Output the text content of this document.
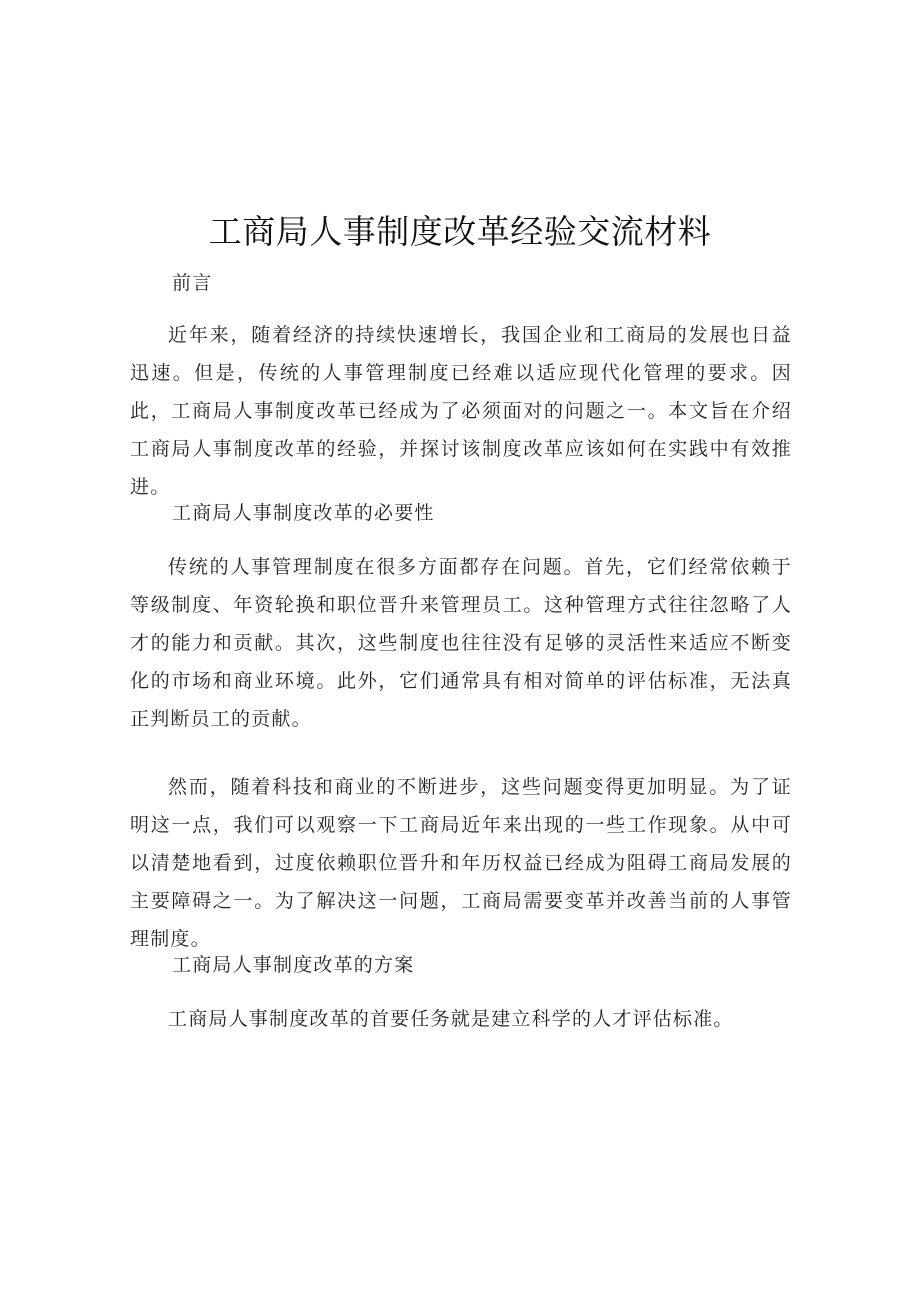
工商局人事制度改革经验交流材料

前言

近年来，随着经济的持续快速增长，我国企业和工商局的发展也日益迅速。但是，传统的人事管理制度已经难以适应现代化管理的要求。因此，工商局人事制度改革已经成为了必须面对的问题之一。本文旨在介绍工商局人事制度改革的经验，并探讨该制度改革应该如何在实践中有效推进。

工商局人事制度改革的必要性

传统的人事管理制度在很多方面都存在问题。首先，它们经常依赖于等级制度、年资轮换和职位晋升来管理员工。这种管理方式往往忽略了人才的能力和贡献。其次，这些制度也往往没有足够的灵活性来适应不断变化的市场和商业环境。此外，它们通常具有相对简单的评估标准，无法真正判断员工的贡献。

然而，随着科技和商业的不断进步，这些问题变得更加明显。为了证明这一点，我们可以观察一下工商局近年来出现的一些工作现象。从中可以清楚地看到，过度依赖职位晋升和年历权益已经成为阻碍工商局发展的主要障碍之一。为了解决这一问题，工商局需要变革并改善当前的人事管理制度。

工商局人事制度改革的方案

工商局人事制度改革的首要任务就是建立科学的人才评估标准。
